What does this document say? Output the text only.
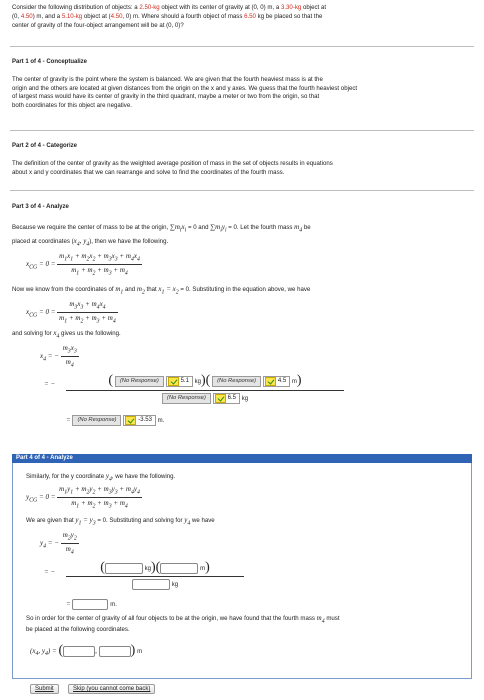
Consider the following distribution of objects: a 2.50-kg object with its center of gravity at (0, 0) m, a 3.30-kg object at
(0, 4.50) m, and a 5.10-kg object at (4.50, 0) m. Where should a fourth object of mass 6.50 kg be placed so that the
center of gravity of the four-object arrangement will be at (0, 0)?
Part 1 of 4 - Conceptualize
The center of gravity is the point where the system is balanced. We are given that the fourth heaviest mass is at the
origin and the others are located at given distances from the origin on the x and y axes. We guess that the fourth heaviest object
of largest mass would have its center of gravity in the third quadrant, maybe a meter or two from the origin, so that
both coordinates for this object are negative.
Part 2 of 4 - Categorize
The definition of the center of gravity as the weighted average position of mass in the set of objects results in equations
about x and y coordinates that we can rearrange and solve to find the coordinates of the fourth mass.
Part 3 of 4 - Analyze
Because we require the center of mass to be at the origin, $\sum m_ix_i = 0$ and $\sum m_iy_i = 0$. Let the fourth mass $m_4$ be
placed at coordinates ($x_4$, $y_4$), then we have the following.
$x_{CG} = 0 = \frac{m_1x_1 + m_2x_2 + m_3x_3 + m_4x_4}{m_1 + m_2 + m_3 + m_4}$
Now we know from the coordinates of $m_1$ and $m_2$ that $x_1 = x_2 = 0$. Substituting in the equation above, we have
$x_{CG} = 0 = \frac{m_3x_3 + m_4x_4}{m_1 + m_2 + m_3 + m_4}$
and solving for $x_4$ gives us the following.
$x_4$ = − $\frac{m_3x_3}{m_4}$
= −	( (No Response)	5.1 kg)( (No Response)	4.5 m)
(No Response)	6.5 kg
= (No Response)	-3.53 m.
Part 4 of 4 - Analyze
Similarly, for the y coordinate $y_4$, we have the following.
$y_{CG} = 0 = \frac{m_1y_1 + m_2y_2 + m_3y_3 + m_4y_4}{m_1 + m_2 + m_3 + m_4}$
We are given that $y_1 = y_3 = 0$. Substituting and solving for $y_4$ we have
$y_4$ = − $\frac{m_2y_2}{m_4}$
= −	(	kg)(	m)
kg
=	m.
So in order for the center of gravity of all four objects to be at the origin, we have found that the fourth mass $m_4$ must
be placed at the following coordinates.
($x_4$, $y_4$) = (	, ) m
Submit	Skip (you cannot come back)
